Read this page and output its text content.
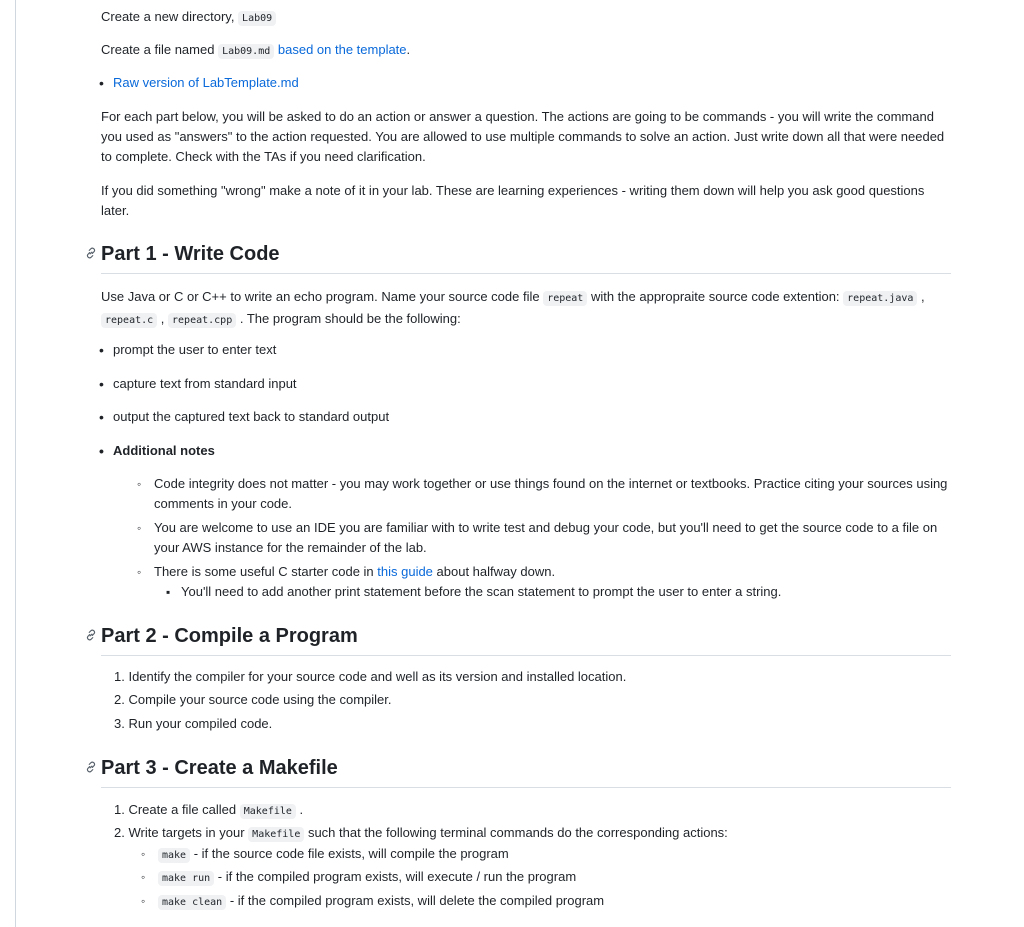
Create a new directory, Lab09

Create a file named Lab09.md based on the template.

• Raw version of LabTemplate.md

For each part below, you will be asked to do an action or answer a question. The actions are going to be commands - you will write the command you used as "answers" to the action requested. You are allowed to use multiple commands to solve an action. Just write down all that were needed to complete. Check with the TAs if you need clarification.

If you did something "wrong" make a note of it in your lab. These are learning experiences - writing them down will help you ask good questions later.

Part 1 - Write Code

Use Java or C or C++ to write an echo program. Name your source code file repeat with the appropraite source code extention: repeat.java ,
repeat.c , repeat.cpp . The program should be the following:

• prompt the user to enter text
• capture text from standard input
• output the captured text back to standard output
• Additional notes
◦ Code integrity does not matter - you may work together or use things found on the internet or textbooks. Practice citing your sources using comments in your code.
◦ You are welcome to use an IDE you are familiar with to write test and debug your code, but you'll need to get the source code to a file on your AWS instance for the remainder of the lab.
◦ There is some useful C starter code in this guide about halfway down.
▪ You'll need to add another print statement before the scan statement to prompt the user to enter a string.
Part 2 - Compile a Program
1. Identify the compiler for your source code and well as its version and installed location.
2. Compile your source code using the compiler.
3. Run your compiled code.
Part 3 - Create a Makefile
1. Create a file called Makefile .
2. Write targets in your Makefile such that the following terminal commands do the corresponding actions:
◦ make - if the source code file exists, will compile the program
◦ make run - if the compiled program exists, will execute / run the program
◦ make clean - if the compiled program exists, will delete the compiled program
